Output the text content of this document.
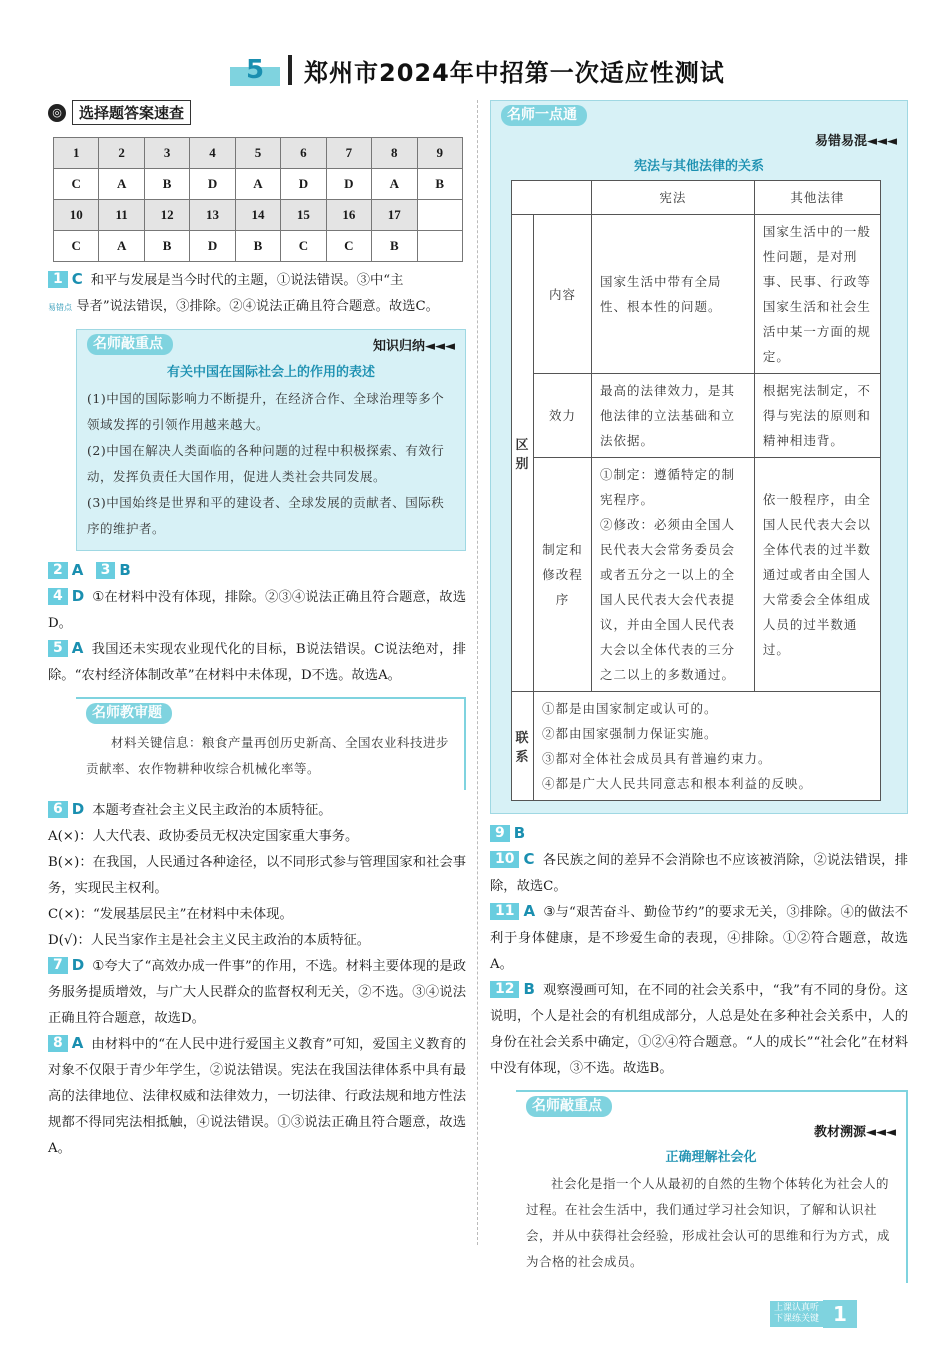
5	郑州市2024年中招第一次适应性测试
◎	选择题答案速查
1	2	3	4	5	6	7	8	9
C	A	B	D	A	D	D	A	B
10	11	12	13	14	15	16	17	
C	A	B	D	B	C	C	B	
1 C 和平与发展是当今时代的主题，①说法错误。③中“主
易错点 导者”说法错误，③排除。②④说法正确且符合题意。故选C。
名师敲重点	知识归纳◄◄◄
有关中国在国际社会上的作用的表述

(1)中国的国际影响力不断提升，在经济合作、全球治理等多个领域发挥的引领作用越来越大。

(2)中国在解决人类面临的各种问题的过程中积极探索、有效行动，发挥负责任大国作用，促进人类社会共同发展。

(3)中国始终是世界和平的建设者、全球发展的贡献者、国际秩序的维护者。

2 A 3 B
4 D ①在材料中没有体现，排除。②③④说法正确且符合题意，故选D。
5 A 我国还未实现农业现代化的目标，B说法错误。C说法绝对，排除。“农村经济体制改革”在材料中未体现，D不选。故选A。
名师教审题

材料关键信息：粮食产量再创历史新高、全国农业科技进步贡献率、农作物耕种收综合机械化率等。

6 D 本题考查社会主义民主政治的本质特征。
A(×)：人大代表、政协委员无权决定国家重大事务。
B(×)：在我国，人民通过各种途径，以不同形式参与管理国家和社会事务，实现民主权利。
C(×)：“发展基层民主”在材料中未体现。
D(√)：人民当家作主是社会主义民主政治的本质特征。
7 D ①夸大了“高效办成一件事”的作用，不选。材料主要体现的是政务服务提质增效，与广大人民群众的监督权利无关，②不选。③④说法正确且符合题意，故选D。
8 A 由材料中的“在人民中进行爱国主义教育”可知，爱国主义教育的对象不仅限于青少年学生，②说法错误。宪法在我国法律体系中具有最高的法律地位、法律权威和法律效力，一切法律、行政法规和地方性法规都不得同宪法相抵触，④说法错误。①③说法正确且符合题意，故选A。
名师一点通
易错易混◄◄◄
宪法与其他法律的关系
		宪法	其他法律
区别	内容	国家生活中带有全局性、根本性的问题。	国家生活中的一般性问题，是对刑事、民事、行政等国家生活和社会生活中某一方面的规定。
	效力	最高的法律效力，是其他法律的立法基础和立法依据。	根据宪法制定，不得与宪法的原则和精神相违背。
	制定和修改程序	①制定：遵循特定的制宪程序。
②修改：必须由全国人民代表大会常务委员会或者五分之一以上的全国人民代表大会代表提议，并由全国人民代表大会以全体代表的三分之二以上的多数通过。	依一般程序，由全国人民代表大会以全体代表的过半数通过或者由全国人大常委会全体组成人员的过半数通过。
联系	①都是由国家制定或认可的。
②都由国家强制力保证实施。
③都对全体社会成员具有普遍约束力。
④都是广大人民共同意志和根本利益的反映。		
9 B
10 C 各民族之间的差异不会消除也不应该被消除，②说法错误，排除，故选C。
11 A ③与“艰苦奋斗、勤俭节约”的要求无关，③排除。④的做法不利于身体健康，是不珍爱生命的表现，④排除。①②符合题意，故选A。
12 B 观察漫画可知，在不同的社会关系中，“我”有不同的身份。这说明，个人是社会的有机组成部分，人总是处在多种社会关系中，人的身份在社会关系中确定，①②④符合题意。“人的成长”“社会化”在材料中没有体现，③不选。故选B。
名师敲重点
教材溯源◄◄◄
正确理解社会化

社会化是指一个人从最初的自然的生物个体转化为社会人的过程。在社会生活中，我们通过学习社会知识，了解和认识社会，并从中获得社会经验，形成社会认可的思维和行为方式，成为合格的社会成员。

上课认真听
下课练关键 1
